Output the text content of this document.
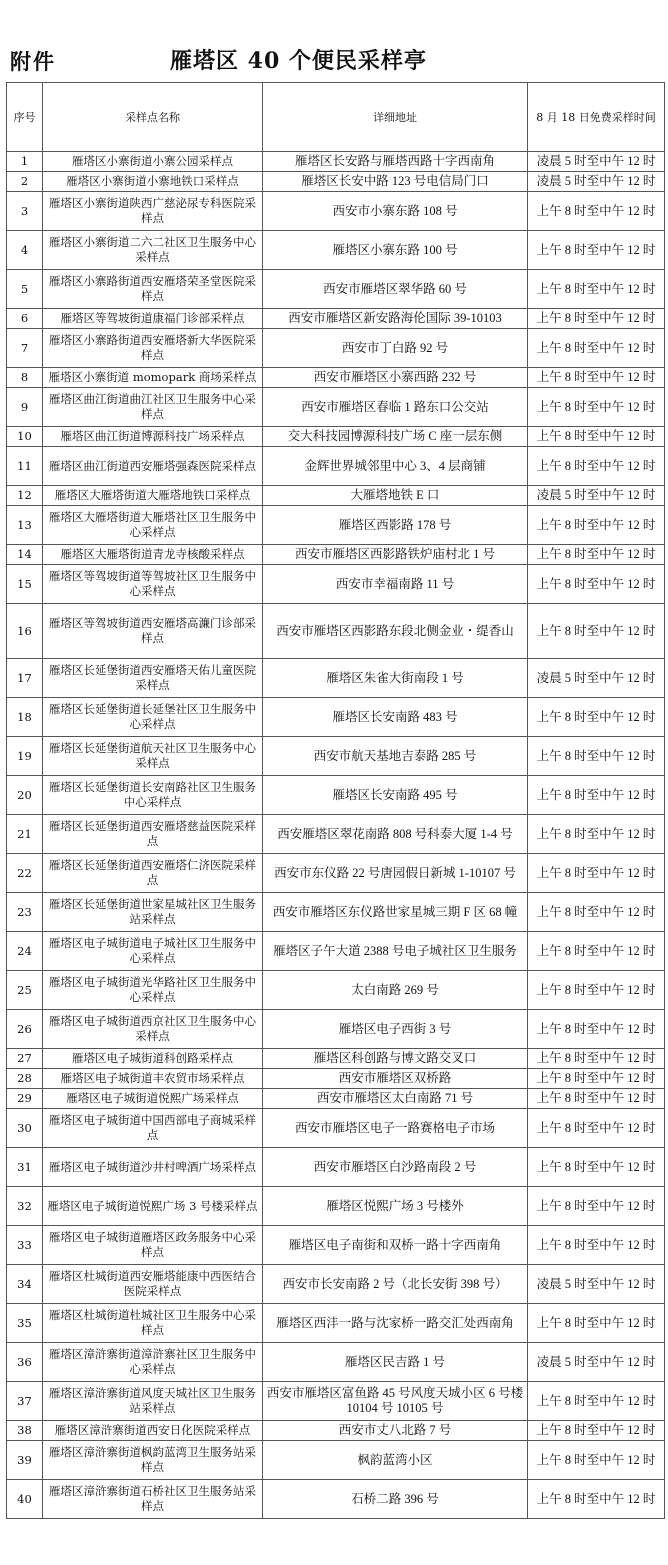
附件	雁塔区 40 个便民采样亭
序号	采样点名称	详细地址	8 月 18 日免费采样时间
1	雁塔区小寨街道小寨公园采样点	雁塔区长安路与雁塔西路十字西南角	凌晨 5 时至中午 12 时
2	雁塔区小寨街道小寨地铁口采样点	雁塔区长安中路 123 号电信局门口	凌晨 5 时至中午 12 时
3	雁塔区小寨街道陕西广慈泌尿专科医院采样点	西安市小寨东路 108 号	上午 8 时至中午 12 时
4	雁塔区小寨街道二六二社区卫生服务中心采样点	雁塔区小寨东路 100 号	上午 8 时至中午 12 时
5	雁塔区小寨路街道西安雁塔荣圣堂医院采样点	西安市雁塔区翠华路 60 号	上午 8 时至中午 12 时
6	雁塔区等驾坡街道康福门诊部采样点	西安市雁塔区新安路海伦国际 39-10103	上午 8 时至中午 12 时
7	雁塔区小寨路街道西安雁塔新大华医院采样点	西安市丁白路 92 号	上午 8 时至中午 12 时
8	雁塔区小寨街道 momopark 商场采样点	西安市雁塔区小寨西路 232 号	上午 8 时至中午 12 时
9	雁塔区曲江街道曲江社区卫生服务中心采样点	西安市雁塔区春临 1 路东口公交站	上午 8 时至中午 12 时
10	雁塔区曲江街道博源科技广场采样点	交大科技园博源科技广场 C 座一层东侧	上午 8 时至中午 12 时
11	雁塔区曲江街道西安雁塔强森医院采样点	金辉世界城邻里中心 3、4 层商铺	上午 8 时至中午 12 时
12	雁塔区大雁塔街道大雁塔地铁口采样点	大雁塔地铁 E 口	凌晨 5 时至中午 12 时
13	雁塔区大雁塔街道大雁塔社区卫生服务中心采样点	雁塔区西影路 178 号	上午 8 时至中午 12 时
14	雁塔区大雁塔街道青龙寺核酸采样点	西安市雁塔区西影路铁炉庙村北 1 号	上午 8 时至中午 12 时
15	雁塔区等驾坡街道等驾坡社区卫生服务中心采样点	西安市幸福南路 11 号	上午 8 时至中午 12 时
16	雁塔区等驾坡街道西安雁塔高濂门诊部采样点	西安市雁塔区西影路东段北侧金业・缇香山	上午 8 时至中午 12 时
17	雁塔区长延堡街道西安雁塔天佑儿童医院采样点	雁塔区朱雀大街南段 1 号	凌晨 5 时至中午 12 时
18	雁塔区长延堡街道长延堡社区卫生服务中心采样点	雁塔区长安南路 483 号	上午 8 时至中午 12 时
19	雁塔区长延堡街道航天社区卫生服务中心采样点	西安市航天基地吉泰路 285 号	上午 8 时至中午 12 时
20	雁塔区长延堡街道长安南路社区卫生服务中心采样点	雁塔区长安南路 495 号	上午 8 时至中午 12 时
21	雁塔区长延堡街道西安雁塔慈益医院采样点	西安雁塔区翠花南路 808 号科泰大厦 1-4 号	上午 8 时至中午 12 时
22	雁塔区长延堡街道西安雁塔仁济医院采样点	西安市东仪路 22 号唐园假日新城 1-10107 号	上午 8 时至中午 12 时
23	雁塔区长延堡街道世家星城社区卫生服务站采样点	西安市雁塔区东仪路世家星城三期 F 区 68 幢	上午 8 时至中午 12 时
24	雁塔区电子城街道电子城社区卫生服务中心采样点	雁塔区子午大道 2388 号电子城社区卫生服务	上午 8 时至中午 12 时
25	雁塔区电子城街道光华路社区卫生服务中心采样点	太白南路 269 号	上午 8 时至中午 12 时
26	雁塔区电子城街道西京社区卫生服务中心采样点	雁塔区电子西街 3 号	上午 8 时至中午 12 时
27	雁塔区电子城街道科创路采样点	雁塔区科创路与博文路交叉口	上午 8 时至中午 12 时
28	雁塔区电子城街道丰农贸市场采样点	西安市雁塔区双桥路	上午 8 时至中午 12 时
29	雁塔区电子城街道悦熙广场采样点	西安市雁塔区太白南路 71 号	上午 8 时至中午 12 时
30	雁塔区电子城街道中国西部电子商城采样点	西安市雁塔区电子一路赛格电子市场	上午 8 时至中午 12 时
31	雁塔区电子城街道沙井村啤酒广场采样点	西安市雁塔区白沙路南段 2 号	上午 8 时至中午 12 时
32	雁塔区电子城街道悦熙广场 3 号楼采样点	雁塔区悦熙广场 3 号楼外	上午 8 时至中午 12 时
33	雁塔区电子城街道雁塔区政务服务中心采样点	雁塔区电子南街和双桥一路十字西南角	上午 8 时至中午 12 时
34	雁塔区杜城街道西安雁塔能康中西医结合医院采样点	西安市长安南路 2 号（北长安街 398 号）	凌晨 5 时至中午 12 时
35	雁塔区杜城街道杜城社区卫生服务中心采样点	雁塔区西沣一路与沈家桥一路交汇处西南角	上午 8 时至中午 12 时
36	雁塔区漳浒寨街道漳浒寨社区卫生服务中心采样点	雁塔区民吉路 1 号	凌晨 5 时至中午 12 时
37	雁塔区漳浒寨街道风度天城社区卫生服务站采样点	西安市雁塔区富鱼路 45 号风度天城小区 6 号楼 10104 号 10105 号	上午 8 时至中午 12 时
38	雁塔区漳浒寨街道西安日化医院采样点	西安市丈八北路 7 号	上午 8 时至中午 12 时
39	雁塔区漳浒寨街道枫韵蓝湾卫生服务站采样点	枫韵蓝湾小区	上午 8 时至中午 12 时
40	雁塔区漳浒寨街道石桥社区卫生服务站采样点	石桥二路 396 号	上午 8 时至中午 12 时
